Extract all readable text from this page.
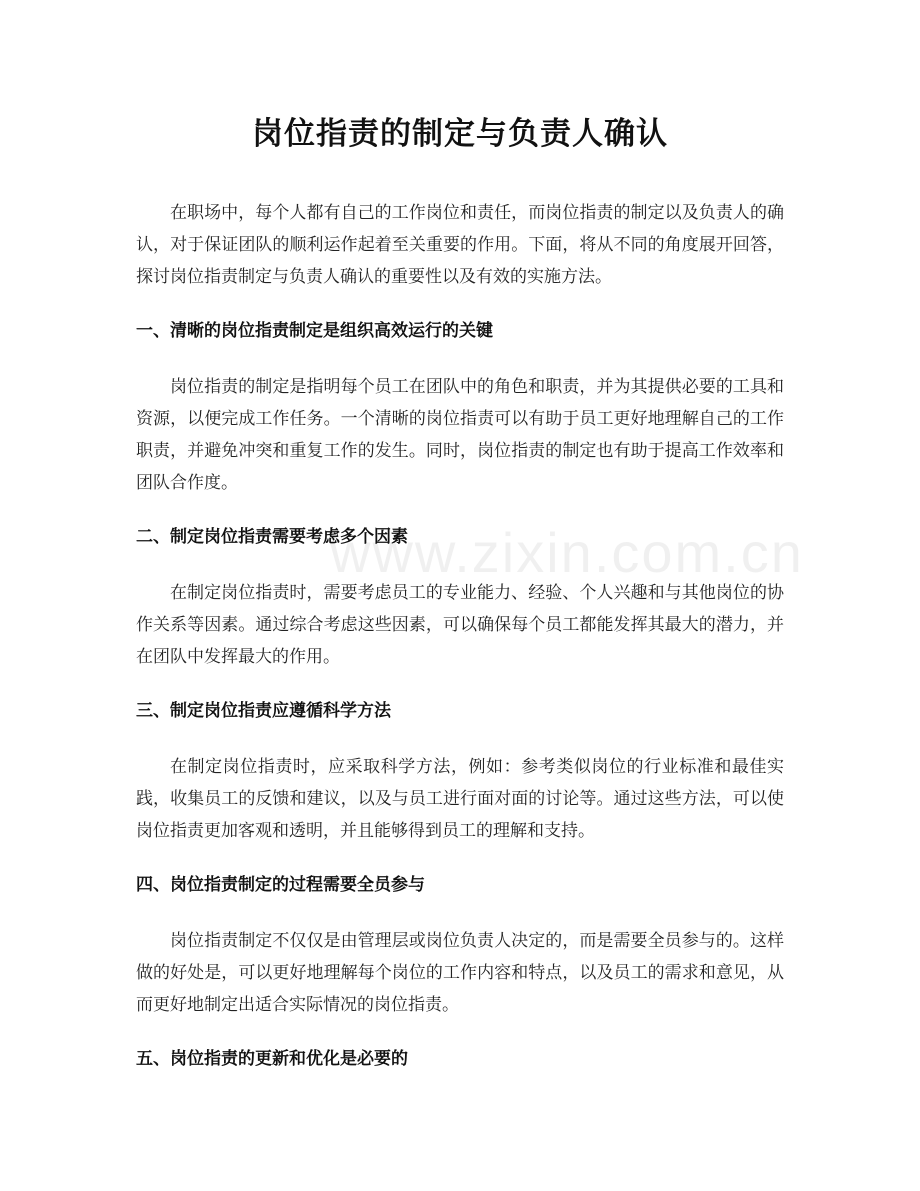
岗位指责的制定与负责人确认

在职场中，每个人都有自己的工作岗位和责任，而岗位指责的制定以及负责人的确认，对于保证团队的顺利运作起着至关重要的作用。下面，将从不同的角度展开回答，探讨岗位指责制定与负责人确认的重要性以及有效的实施方法。

一、清晰的岗位指责制定是组织高效运行的关键

岗位指责的制定是指明每个员工在团队中的角色和职责，并为其提供必要的工具和资源，以便完成工作任务。一个清晰的岗位指责可以有助于员工更好地理解自己的工作职责，并避免冲突和重复工作的发生。同时，岗位指责的制定也有助于提高工作效率和团队合作度。

二、制定岗位指责需要考虑多个因素

在制定岗位指责时，需要考虑员工的专业能力、经验、个人兴趣和与其他岗位的协作关系等因素。通过综合考虑这些因素，可以确保每个员工都能发挥其最大的潜力，并在团队中发挥最大的作用。

三、制定岗位指责应遵循科学方法

在制定岗位指责时，应采取科学方法，例如：参考类似岗位的行业标准和最佳实践，收集员工的反馈和建议，以及与员工进行面对面的讨论等。通过这些方法，可以使岗位指责更加客观和透明，并且能够得到员工的理解和支持。

四、岗位指责制定的过程需要全员参与

岗位指责制定不仅仅是由管理层或岗位负责人决定的，而是需要全员参与的。这样做的好处是，可以更好地理解每个岗位的工作内容和特点，以及员工的需求和意见，从而更好地制定出适合实际情况的岗位指责。

五、岗位指责的更新和优化是必要的
www.zixin.com.cn
